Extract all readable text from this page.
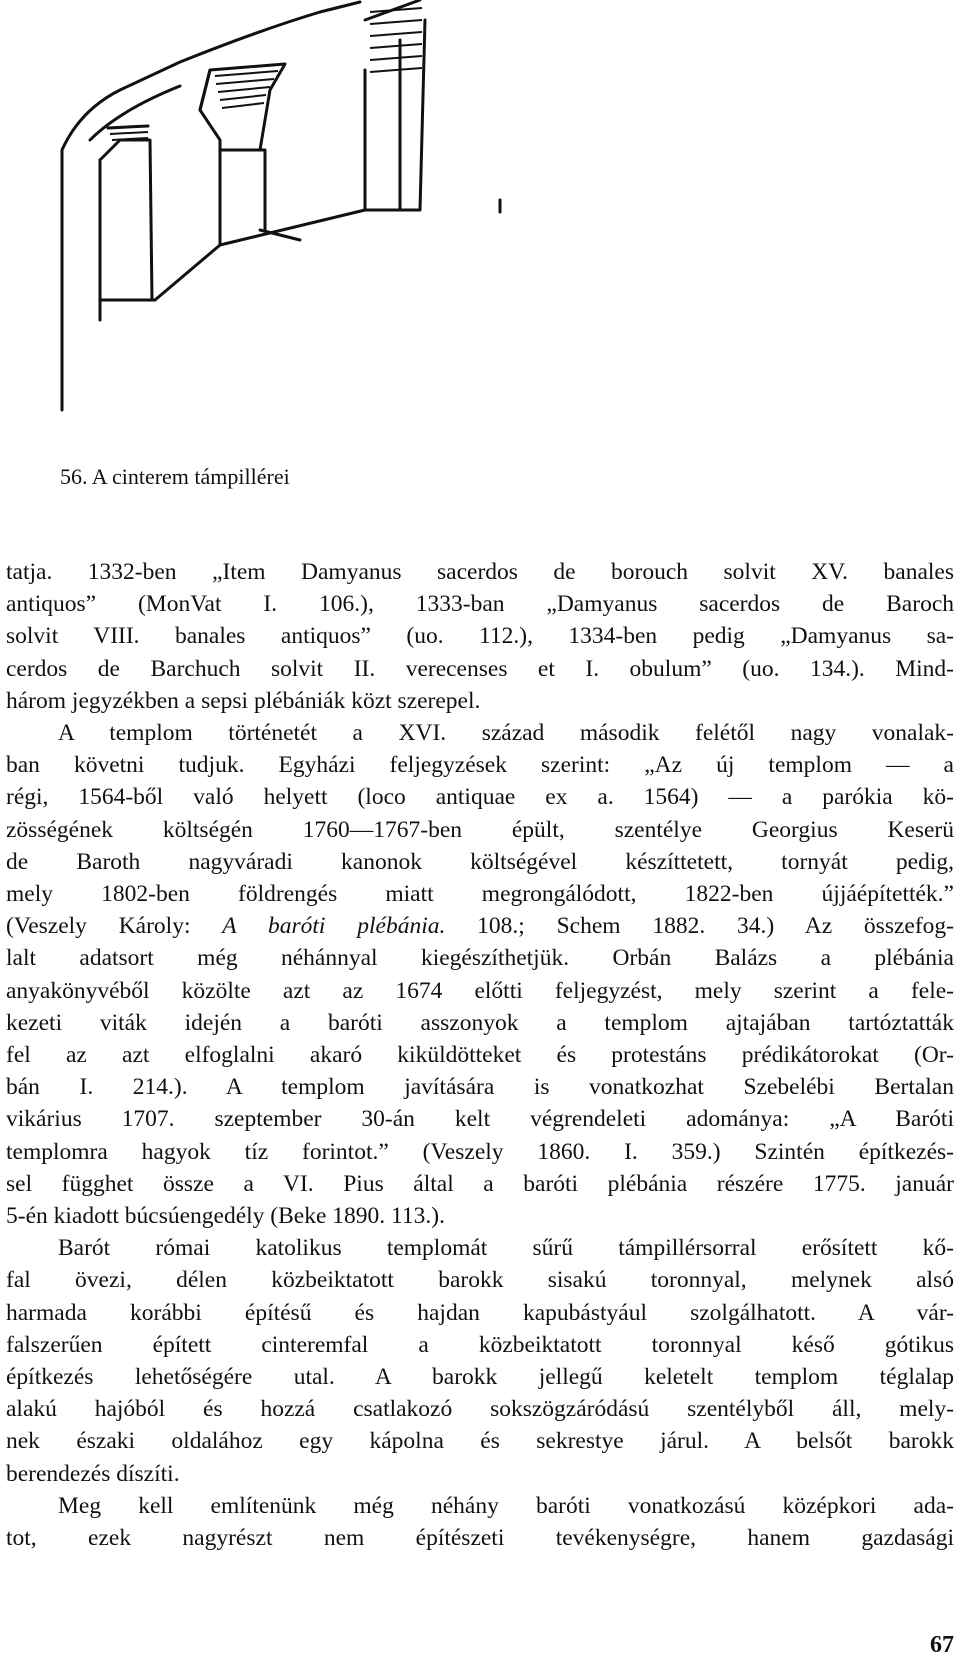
56. A cinterem támpillérei
tatja. 1332-ben „Item Damyanus sacerdos de borouch solvit XV. banales
antiquos” (MonVat I. 106.), 1333-ban „Damyanus sacerdos de Baroch
solvit VIII. banales antiquos” (uo. 112.), 1334-ben pedig „Damyanus sa-
cerdos de Barchuch solvit II. verecenses et I. obulum” (uo. 134.). Mind-
három jegyzékben a sepsi plébániák közt szerepel.
A templom történetét a XVI. század második felétől nagy vonalak-
ban követni tudjuk. Egyházi feljegyzések szerint: „Az új templom — a
régi, 1564-ből való helyett (loco antiquae ex a. 1564) — a parókia kö-
zösségének költségén 1760—1767-ben épült, szentélye Georgius Keserü
de Baroth nagyváradi kanonok költségével készíttetett, tornyát pedig,
mely 1802-ben földrengés miatt megrongálódott, 1822-ben újjáépítették.”
(Veszely Károly: A baróti plébánia. 108.; Schem 1882. 34.) Az összefog-
lalt adatsort még néhánnyal kiegészíthetjük. Orbán Balázs a plébánia
anyakönyvéből közölte azt az 1674 előtti feljegyzést, mely szerint a fele-
kezeti viták idején a baróti asszonyok a templom ajtajában tartóztatták
fel az azt elfoglalni akaró kiküldötteket és protestáns prédikátorokat (Or-
bán I. 214.). A templom javítására is vonatkozhat Szebelébi Bertalan
vikárius 1707. szeptember 30-án kelt végrendeleti adománya: „A Baróti
templomra hagyok tíz forintot.” (Veszely 1860. I. 359.) Szintén építkezés-
sel függhet össze a VI. Pius által a baróti plébánia részére 1775. január
5-én kiadott búcsúengedély (Beke 1890. 113.).
Barót római katolikus templomát sűrű támpillérsorral erősített kő-
fal övezi, délen közbeiktatott barokk sisakú toronnyal, melynek alsó
harmada korábbi építésű és hajdan kapubástyául szolgálhatott. A vár-
falszerűen épített cinteremfal a közbeiktatott toronnyal késő gótikus
építkezés lehetőségére utal. A barokk jellegű keletelt templom téglalap
alakú hajóból és hozzá csatlakozó sokszögzáródású szentélyből áll, mely-
nek északi oldalához egy kápolna és sekrestye járul. A belsőt barokk
berendezés díszíti.
Meg kell említenünk még néhány baróti vonatkozású középkori ada-
tot, ezek nagyrészt nem építészeti tevékenységre, hanem gazdasági
67
